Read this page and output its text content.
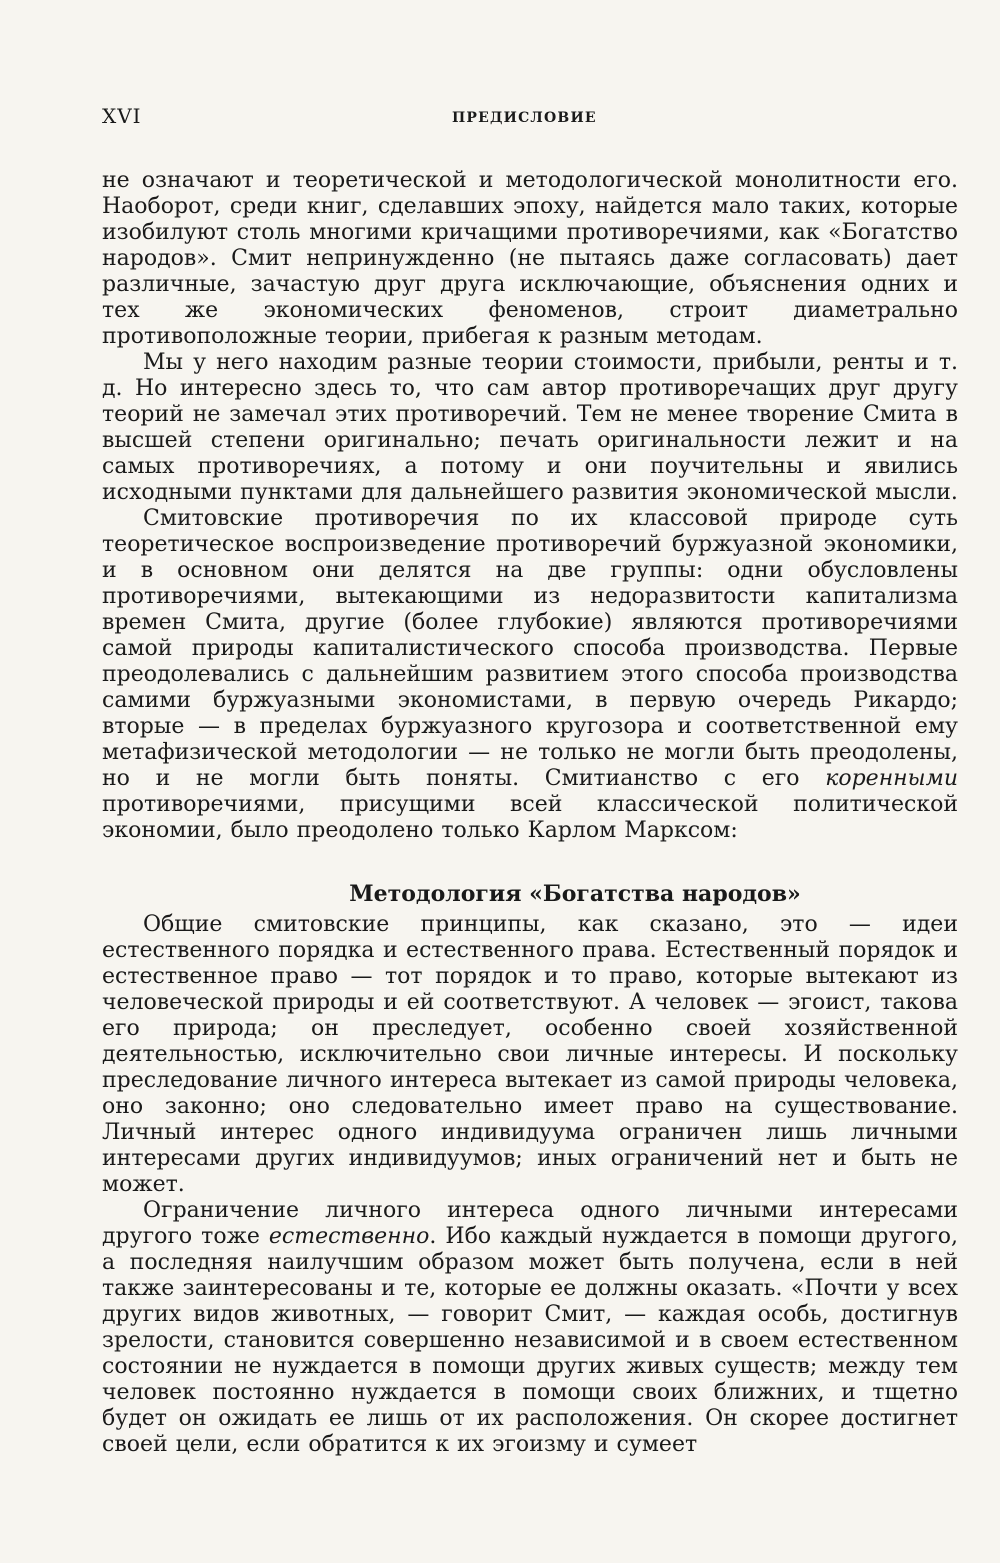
XVI	ПРЕДИСЛОВИЕ

не означают и теоретической и методологической монолитности его. Наоборот, среди книг, сделавших эпоху, найдется мало таких, которые изобилуют столь многими кричащими противоречиями, как «Богатство народов». Смит непринужденно (не пытаясь даже согласовать) дает различные, зачастую друг друга исключающие, объяснения одних и тех же экономических феноменов, строит диаметрально противоположные теории, прибегая к разным методам.

Мы у него находим разные теории стоимости, прибыли, ренты и т. д. Но интересно здесь то, что сам автор противоречащих друг другу теорий не замечал этих противоречий. Тем не менее творение Смита в высшей степени оригинально; печать оригинальности лежит и на самых противоречиях, а потому и они поучительны и явились исходными пунктами для дальнейшего развития экономической мысли.

Смитовские противоречия по их классовой природе суть теоретическое воспроизведение противоречий буржуазной экономики, и в основном они делятся на две группы: одни обусловлены противоречиями, вытекающими из недоразвитости капитализма времен Смита, другие (более глубокие) являются противоречиями самой природы капиталистического способа производства. Первые преодолевались с дальнейшим развитием этого способа производства самими буржуазными экономистами, в первую очередь Рикардо; вторые — в пределах буржуазного кругозора и соответственной ему метафизической методологии — не только не могли быть преодолены, но и не могли быть поняты. Смитианство с его коренными противоречиями, присущими всей классической политической экономии, было преодолено только Карлом Марксом:

Методология «Богатства народов»

Общие смитовские принципы, как сказано, это — идеи естественного порядка и естественного права. Естественный порядок и естественное право — тот порядок и то право, которые вытекают из человеческой природы и ей соответствуют. А человек — эгоист, такова его природа; он преследует, особенно своей хозяйственной деятельностью, исключительно свои личные интересы. И поскольку преследование личного интереса вытекает из самой природы человека, оно законно; оно следовательно имеет право на существование. Личный интерес одного индивидуума ограничен лишь личными интересами других индивидуумов; иных ограничений нет и быть не может.

Ограничение личного интереса одного личными интересами другого тоже естественно. Ибо каждый нуждается в помощи другого, а последняя наилучшим образом может быть получена, если в ней также заинтересованы и те, которые ее должны оказать. «Почти у всех других видов животных, — говорит Смит, — каждая особь, достигнув зрелости, становится совершенно независимой и в своем естественном состоянии не нуждается в помощи других живых существ; между тем человек постоянно нуждается в помощи своих ближних, и тщетно будет он ожидать ее лишь от их расположения. Он скорее достигнет своей цели, если обратится к их эгоизму и сумеет
